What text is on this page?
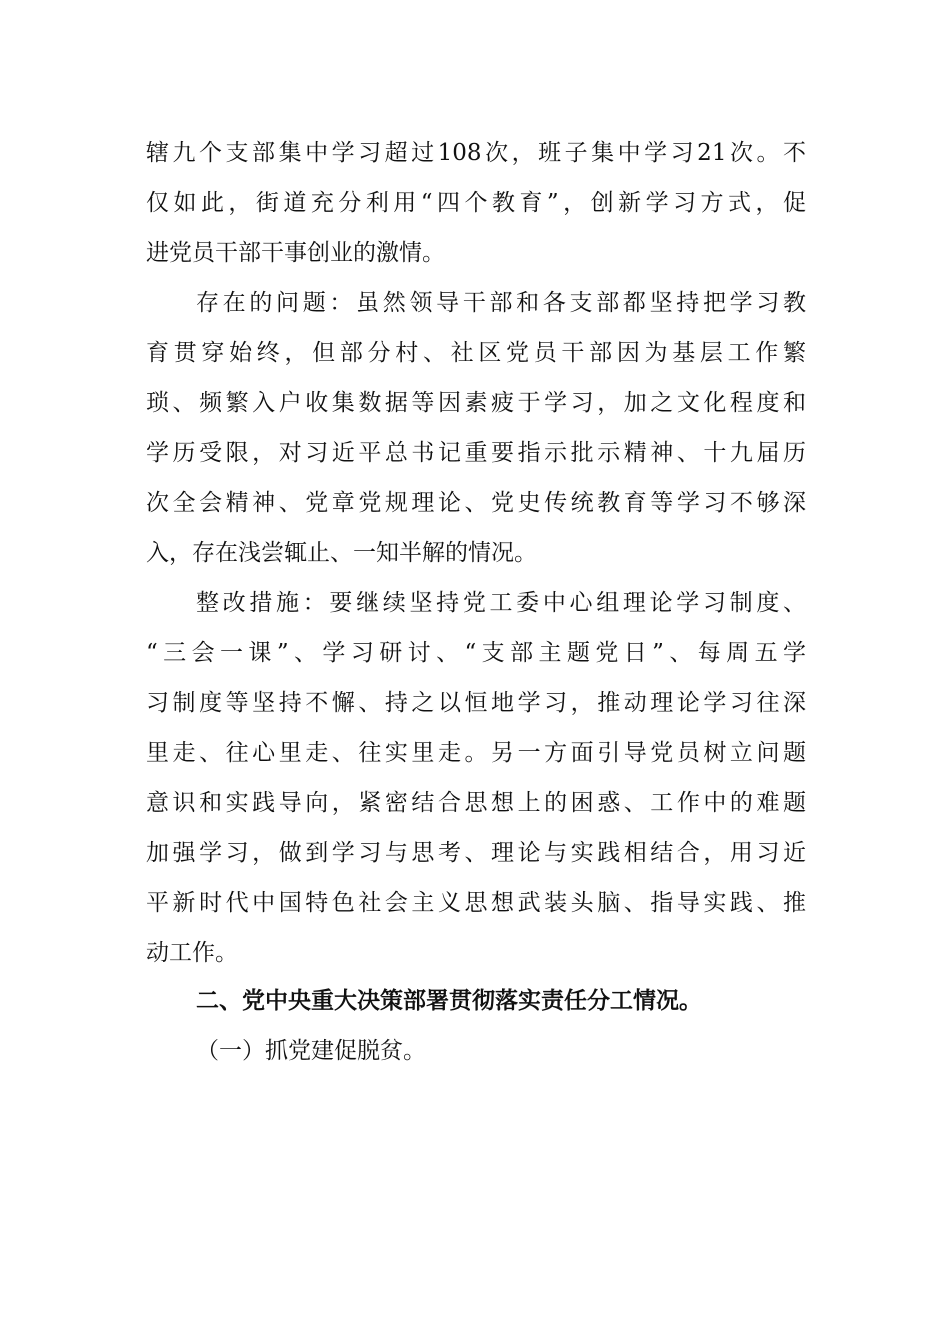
辖九个支部集中学习超过108次，班子集中学习21次。不
仅如此，街道充分利用“四个教育”，创新学习方式，促
进党员干部干事创业的激情。
存在的问题：虽然领导干部和各支部都坚持把学习教
育贯穿始终，但部分村、社区党员干部因为基层工作繁
琐、频繁入户收集数据等因素疲于学习，加之文化程度和
学历受限，对习近平总书记重要指示批示精神、十九届历
次全会精神、党章党规理论、党史传统教育等学习不够深
入，存在浅尝辄止、一知半解的情况。
整改措施：要继续坚持党工委中心组理论学习制度、
“三会一课”、学习研讨、“支部主题党日”、每周五学
习制度等坚持不懈、持之以恒地学习，推动理论学习往深
里走、往心里走、往实里走。另一方面引导党员树立问题
意识和实践导向，紧密结合思想上的困惑、工作中的难题
加强学习，做到学习与思考、理论与实践相结合，用习近
平新时代中国特色社会主义思想武装头脑、指导实践、推
动工作。
二、党中央重大决策部署贯彻落实责任分工情况。
（一）抓党建促脱贫。
